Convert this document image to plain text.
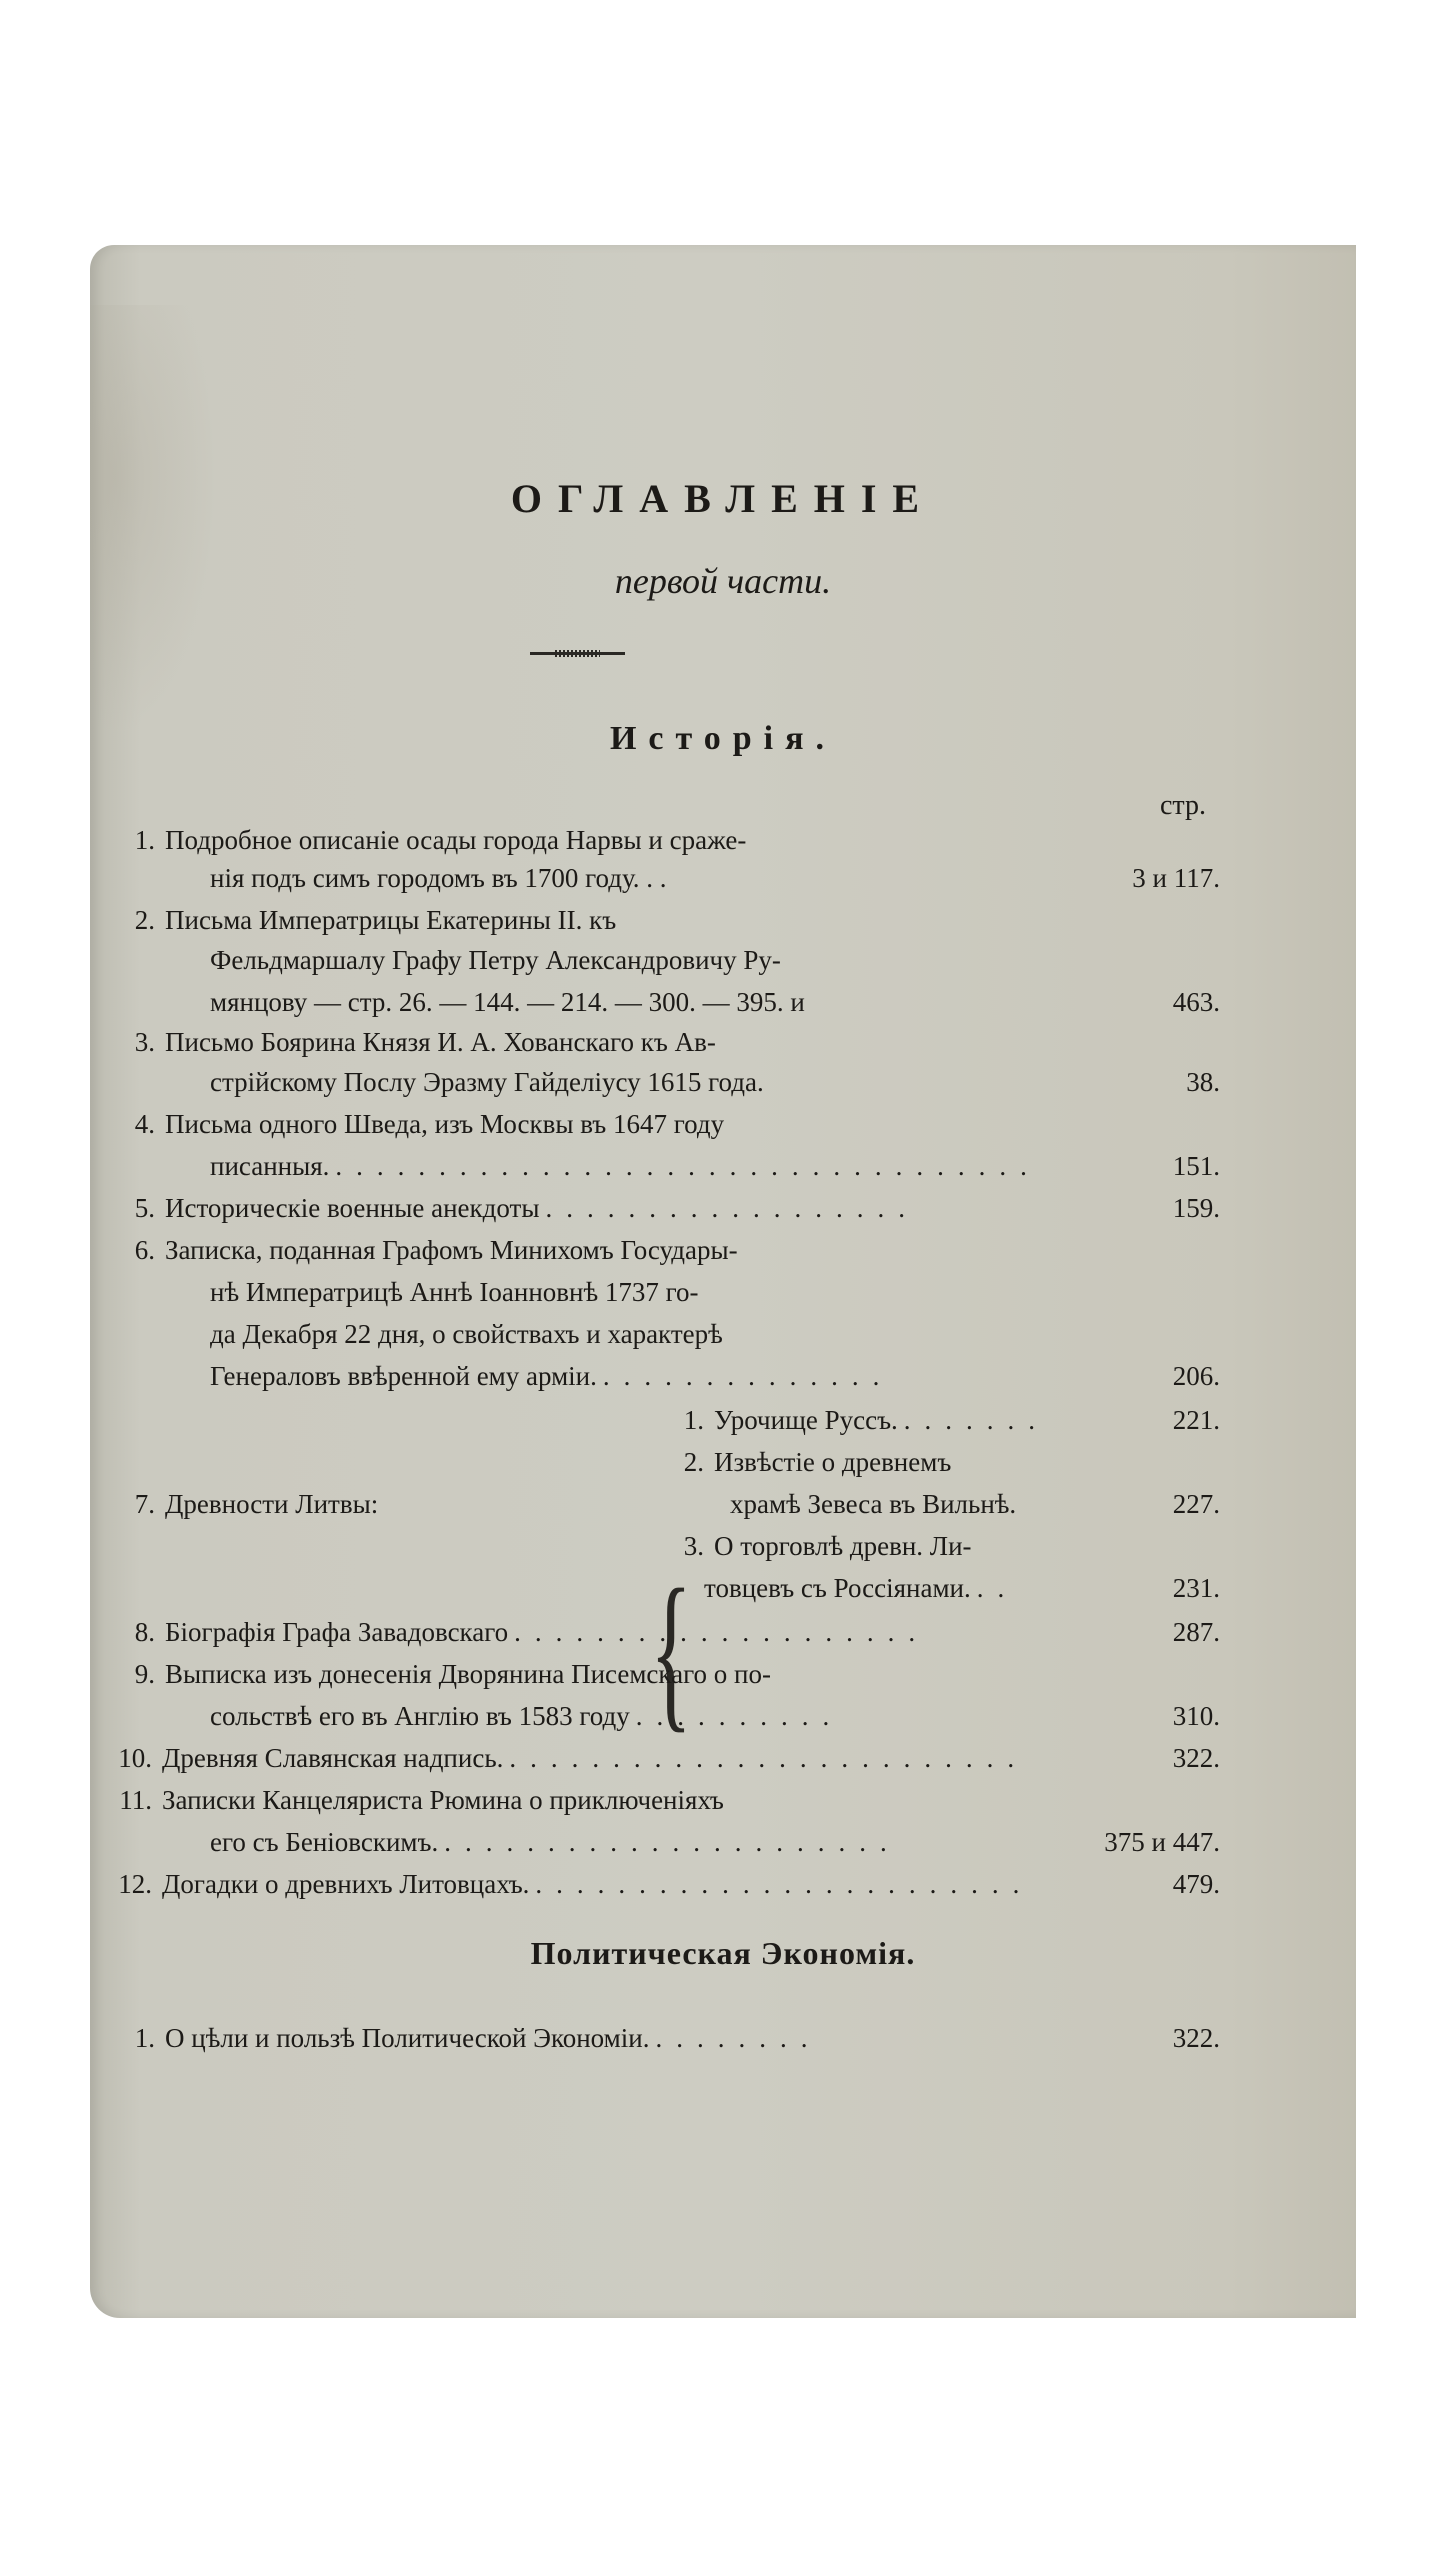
ОГЛАВЛЕНІЕ
первой части.
Исторія.
стр.
1. Подробное описаніе осады города Нарвы и сраже-
нія подъ симъ городомъ въ 1700 году. . .	3 и 117.
2. Письма Императрицы Екатерины II. къ
Фельдмаршалу Графу Петру Александровичу Ру-
мянцову — стр. 26. — 144. — 214. — 300. — 395. и	463.
3. Письмо Боярина Князя И. А. Хованскаго къ Ав-
стрійскому Послу Эразму Гайделіусу 1615 года.	38.
4. Письма одного Шведа, изъ Москвы въ 1647 году
писанныя. ..................................	151.
5. Историческіе военные анекдоты ..................	159.
6. Записка, поданная Графомъ Минихомъ Государы-
нѣ Императрицѣ Аннѣ Іоанновнѣ 1737 го-
да Декабря 22 дня, о свойствахъ и характерѣ
Генераловъ ввѣренной ему арміи. ..............	206.
7. Древности Литвы:
{
1. Урочище Руссъ. .......	221.
2. Извѣстіе о древнемъ
храмѣ Зевеса въ Вильнѣ.	227.
3. О торговлѣ древн. Ли-
товцевъ съ Россіянами. ..	231.
8. Біографія Графа Завадовскаго ....................	287.
9. Выписка изъ донесенія Дворянина Писемскаго о по-
сольствѣ его въ Англію въ 1583 году ..........	310.
10. Древняя Славянская надпись. .........................	322.
11. Записки Канцеляриста Рюмина о приключеніяхъ
его съ Беніовскимъ. ......................	375 и 447.
12. Догадки о древнихъ Литовцахъ. ........................	479.
Политическая Экономія.
1. О цѣли и пользѣ Политической Экономіи. ........	322.
